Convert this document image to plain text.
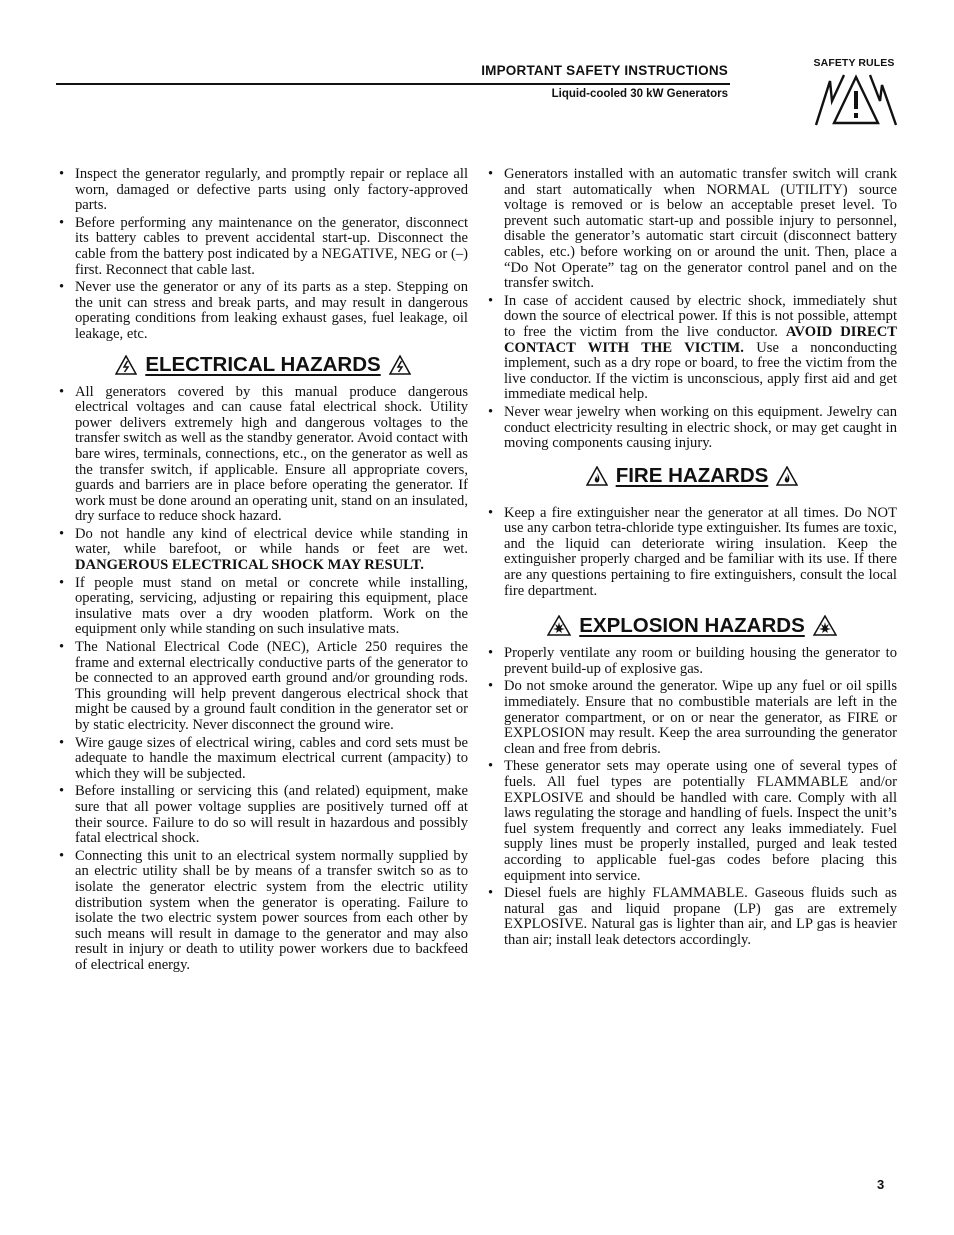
IMPORTANT SAFETY INSTRUCTIONS
Liquid-cooled 30 kW Generators
SAFETY RULES
• Inspect the generator regularly, and promptly repair or replace all worn, damaged or defective parts using only factory-approved parts.
• Before performing any maintenance on the generator, disconnect its battery cables to prevent accidental start-up. Disconnect the cable from the battery post indicated by a NEGATIVE, NEG or (–) first. Reconnect that cable last.
• Never use the generator or any of its parts as a step. Stepping on the unit can stress and break parts, and may result in dangerous operating conditions from leaking exhaust gases, fuel leakage, oil leakage, etc.
ELECTRICAL HAZARDS
• All generators covered by this manual produce dangerous electrical voltages and can cause fatal electrical shock. Utility power delivers extremely high and dangerous voltages to the transfer switch as well as the standby generator. Avoid contact with bare wires, terminals, connections, etc., on the generator as well as the transfer switch, if applicable. Ensure all appropriate covers, guards and barriers are in place before operating the generator. If work must be done around an operating unit, stand on an insulated, dry surface to reduce shock hazard.
• Do not handle any kind of electrical device while standing in water, while barefoot, or while hands or feet are wet. DANGEROUS ELECTRICAL SHOCK MAY RESULT.
• If people must stand on metal or concrete while installing, operating, servicing, adjusting or repairing this equipment, place insulative mats over a dry wooden platform. Work on the equipment only while standing on such insulative mats.
• The National Electrical Code (NEC), Article 250 requires the frame and external electrically conductive parts of the generator to be connected to an approved earth ground and/or grounding rods. This grounding will help prevent dangerous electrical shock that might be caused by a ground fault condition in the generator set or by static electricity. Never disconnect the ground wire.
• Wire gauge sizes of electrical wiring, cables and cord sets must be adequate to handle the maximum electrical current (ampacity) to which they will be subjected.
• Before installing or servicing this (and related) equipment, make sure that all power voltage supplies are positively turned off at their source. Failure to do so will result in hazardous and possibly fatal electrical shock.
• Connecting this unit to an electrical system normally supplied by an electric utility shall be by means of a transfer switch so as to isolate the generator electric system from the electric utility distribution system when the generator is operating. Failure to isolate the two electric system power sources from each other by such means will result in damage to the generator and may also result in injury or death to utility power workers due to backfeed of electrical energy.
• Generators installed with an automatic transfer switch will crank and start automatically when NORMAL (UTILITY) source voltage is removed or is below an acceptable preset level. To prevent such automatic start-up and possible injury to personnel, disable the generator’s automatic start circuit (disconnect battery cables, etc.) before working on or around the unit. Then, place a “Do Not Operate” tag on the generator control panel and on the transfer switch.
• In case of accident caused by electric shock, immediately shut down the source of electrical power. If this is not possible, attempt to free the victim from the live conductor. AVOID DIRECT CONTACT WITH THE VICTIM. Use a nonconducting implement, such as a dry rope or board, to free the victim from the live conductor. If the victim is unconscious, apply first aid and get immediate medical help.
• Never wear jewelry when working on this equipment. Jewelry can conduct electricity resulting in electric shock, or may get caught in moving components causing injury.
FIRE HAZARDS
• Keep a fire extinguisher near the generator at all times. Do NOT use any carbon tetra-chloride type extinguisher. Its fumes are toxic, and the liquid can deteriorate wiring insulation. Keep the extinguisher properly charged and be familiar with its use. If there are any questions pertaining to fire extinguishers, consult the local fire department.
EXPLOSION HAZARDS
• Properly ventilate any room or building housing the generator to prevent build-up of explosive gas.
• Do not smoke around the generator. Wipe up any fuel or oil spills immediately. Ensure that no combustible materials are left in the generator compartment, or on or near the generator, as FIRE or EXPLOSION may result. Keep the area surrounding the generator clean and free from debris.
• These generator sets may operate using one of several types of fuels. All fuel types are potentially FLAMMABLE and/or EXPLOSIVE and should be handled with care. Comply with all laws regulating the storage and handling of fuels. Inspect the unit’s fuel system frequently and correct any leaks immediately. Fuel supply lines must be properly installed, purged and leak tested according to applicable fuel-gas codes before placing this equipment into service.
• Diesel fuels are highly FLAMMABLE. Gaseous fluids such as natural gas and liquid propane (LP) gas are extremely EXPLOSIVE. Natural gas is lighter than air, and LP gas is heavier than air; install leak detectors accordingly.
3
